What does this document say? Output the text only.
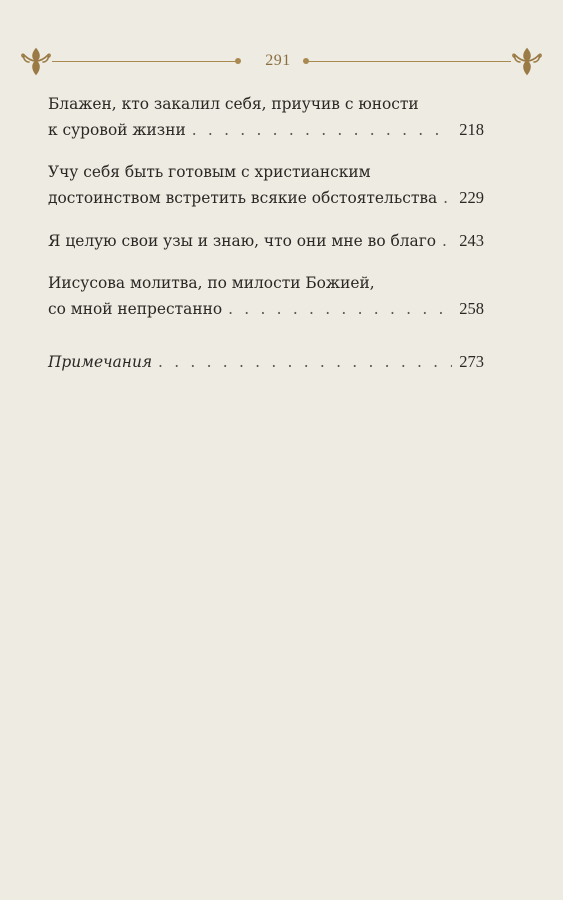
291
Блажен, кто закалил себя, приучив с юности
к суровой жизни . . .	218
Учу себя быть готовым с христианским
достоинством встретить всякие обстоятельства . . . 229
Я целую свои узы и знаю, что они мне во благо . . . 243
Иисусова молитва, по милости Божией,
со мной непрестанно . . .	258
Примечания . . .	273
